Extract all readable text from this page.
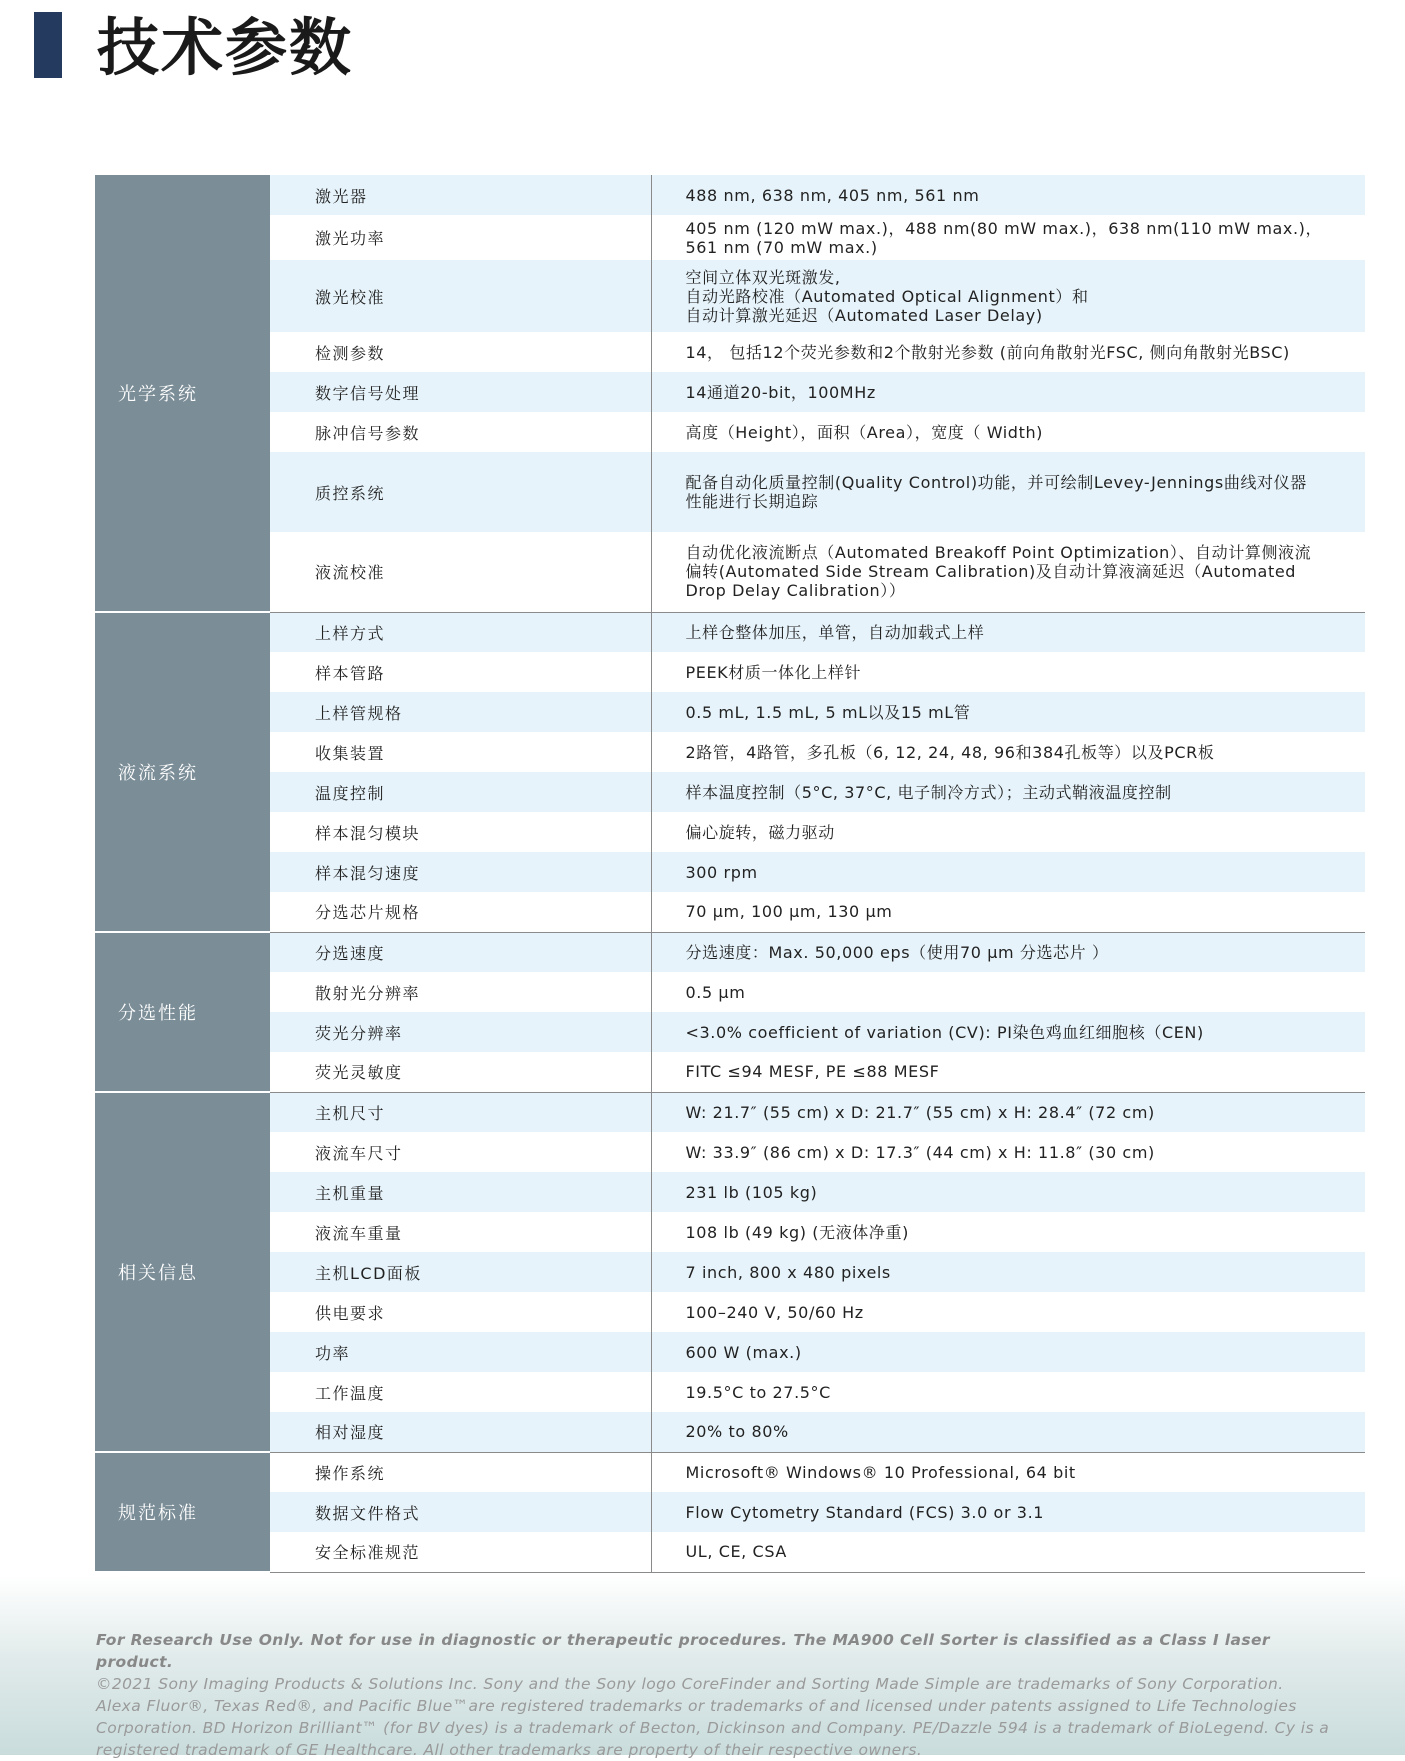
技术参数
光学系统	激光器	488 nm, 638 nm, 405 nm, 561 nm
	激光功率	405 nm (120 mW max.)，488 nm(80 mW max.)，638 nm(110 mW max.)，
561 nm (70 mW max.)
	激光校准	空间立体双光斑激发,
自动光路校准（Automated Optical Alignment）和
自动计算激光延迟（Automated Laser Delay)
	检测参数	14， 包括12个荧光参数和2个散射光参数 (前向角散射光FSC, 侧向角散射光BSC)
	数字信号处理	14通道20-bit，100MHz
	脉冲信号参数	高度（Height），面积（Area），宽度（ Width)
	质控系统	配备自动化质量控制(Quality Control)功能，并可绘制Levey-Jennings曲线对仪器
性能进行长期追踪
	液流校准	自动优化液流断点（Automated Breakoff Point Optimization）、自动计算侧液流
偏转(Automated Side Stream Calibration)及自动计算液滴延迟（Automated
Drop Delay Calibration））
液流系统	上样方式	上样仓整体加压，单管，自动加载式上样
	样本管路	PEEK材质一体化上样针
	上样管规格	0.5 mL, 1.5 mL, 5 mL以及15 mL管
	收集装置	2路管，4路管，多孔板（6, 12, 24, 48, 96和384孔板等）以及PCR板
	温度控制	样本温度控制（5°C, 37°C, 电子制冷方式）；主动式鞘液温度控制
	样本混匀模块	偏心旋转，磁力驱动
	样本混匀速度	300 rpm
	分选芯片规格	70 µm, 100 µm, 130 µm
分选性能	分选速度	分选速度：Max. 50,000 eps（使用70 µm 分选芯片 ）
	散射光分辨率	0.5 µm
	荧光分辨率	<3.0% coefficient of variation (CV): PI染色鸡血红细胞核（CEN)
	荧光灵敏度	FITC ≤94 MESF, PE ≤88 MESF
相关信息	主机尺寸	W: 21.7″ (55 cm) x D: 21.7″ (55 cm) x H: 28.4″ (72 cm)
	液流车尺寸	W: 33.9″ (86 cm) x D: 17.3″ (44 cm) x H: 11.8″ (30 cm)
	主机重量	231 lb (105 kg)
	液流车重量	108 lb (49 kg) (无液体净重)
	主机LCD面板	7 inch, 800 x 480 pixels
	供电要求	100–240 V, 50/60 Hz
	功率	600 W (max.)
	工作温度	19.5°C to 27.5°C
	相对湿度	20% to 80%
规范标准	操作系统	Microsoft® Windows® 10 Professional, 64 bit
	数据文件格式	Flow Cytometry Standard (FCS) 3.0 or 3.1
	安全标准规范	UL, CE, CSA
For Research Use Only. Not for use in diagnostic or therapeutic procedures. The MA900 Cell Sorter is classified as a Class I laser product.
©2021 Sony Imaging Products & Solutions Inc. Sony and the Sony logo CoreFinder and Sorting Made Simple are trademarks of Sony Corporation.
Alexa Fluor®, Texas Red®, and Pacific Blue™are registered trademarks or trademarks of and licensed under patents assigned to Life Technologies
Corporation. BD Horizon Brilliant™ (for BV dyes) is a trademark of Becton, Dickinson and Company. PE/Dazzle 594 is a trademark of BioLegend. Cy is a
registered trademark of GE Healthcare. All other trademarks are property of their respective owners.
